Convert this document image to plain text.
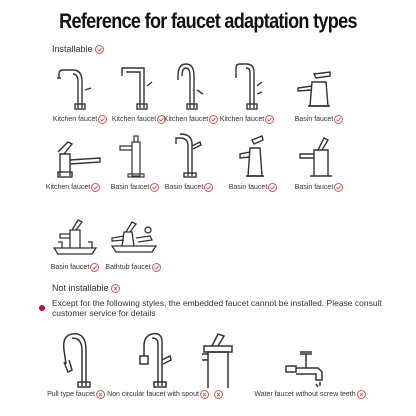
Reference for faucet adaptation types
Installable
Kitchen faucet Kitchen faucet Kitchen faucet Kitchen faucet	Basin faucet
Kitchen faucet	Basin faucet Basin faucet	Basin faucet	Basin faucet
Basin faucet Bathtub faucet
Not installable
Except for the following styles, the embedded faucet cannot be installed. Please consult customer service for details
Pull type faucet Non circular faucet with spout	Water faucet without screw teeth
